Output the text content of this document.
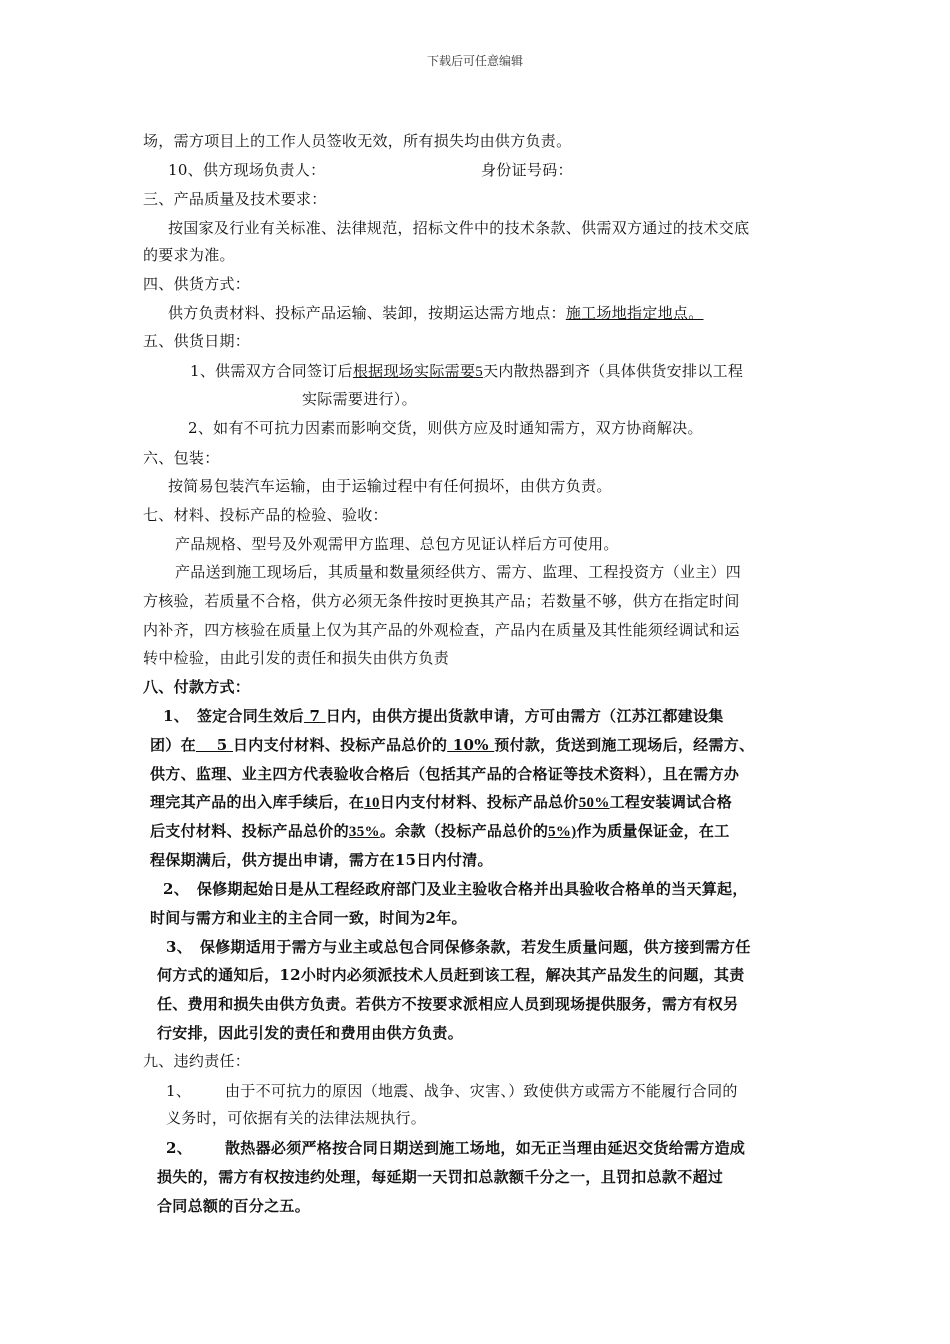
下载后可任意编辑
场，需方项目上的工作人员签收无效，所有损失均由供方负责。
10、供方现场负责人：	身份证号码：
三、产品质量及技术要求：
按国家及行业有关标准、法律规范，招标文件中的技术条款、供需双方通过的技术交底
的要求为准。
四、供货方式：
供方负责材料、投标产品运输、装卸，按期运达需方地点：施工场地指定地点。
五、供货日期：
1、供需双方合同签订后根据现场实际需要5天内散热器到齐（具体供货安排以工程
实际需要进行）。
2、如有不可抗力因素而影响交货，则供方应及时通知需方，双方协商解决。
六、包装：
按简易包装汽车运输，由于运输过程中有任何损坏，由供方负责。
七、材料、投标产品的检验、验收：
产品规格、型号及外观需甲方监理、总包方见证认样后方可使用。
产品送到施工现场后，其质量和数量须经供方、需方、监理、工程投资方（业主）四
方核验，若质量不合格，供方必须无条件按时更换其产品；若数量不够，供方在指定时间
内补齐，四方核验在质量上仅为其产品的外观检查，产品内在质量及其性能须经调试和运
转中检验，由此引发的责任和损失由供方负责
八、付款方式：
1、　签定合同生效后 7 日内，由供方提出货款申请，方可由需方（江苏江都建设集
团）在　 5 日内支付材料、投标产品总价的 10% 预付款，货送到施工现场后，经需方、
供方、监理、业主四方代表验收合格后（包括其产品的合格证等技术资料），且在需方办
理完其产品的出入库手续后，在10日内支付材料、投标产品总价50%工程安装调试合格
后支付材料、投标产品总价的35%。余款（投标产品总价的5%)作为质量保证金，在工
程保期满后，供方提出申请，需方在15日内付清。
2、　保修期起始日是从工程经政府部门及业主验收合格并出具验收合格单的当天算起，
时间与需方和业主的主合同一致，时间为2年。
3、　保修期适用于需方与业主或总包合同保修条款，若发生质量问题，供方接到需方任
何方式的通知后，12小时内必须派技术人员赶到该工程，解决其产品发生的问题，其责
任、费用和损失由供方负责。若供方不按要求派相应人员到现场提供服务，需方有权另
行安排，因此引发的责任和费用由供方负责。
九、违约责任：
1、 由于不可抗力的原因（地震、战争、灾害、）致使供方或需方不能履行合同的
义务时，可依据有关的法律法规执行。
2、 散热器必须严格按合同日期送到施工场地，如无正当理由延迟交货给需方造成
损失的，需方有权按违约处理，每延期一天罚扣总款额千分之一，且罚扣总款不超过
合同总额的百分之五。
